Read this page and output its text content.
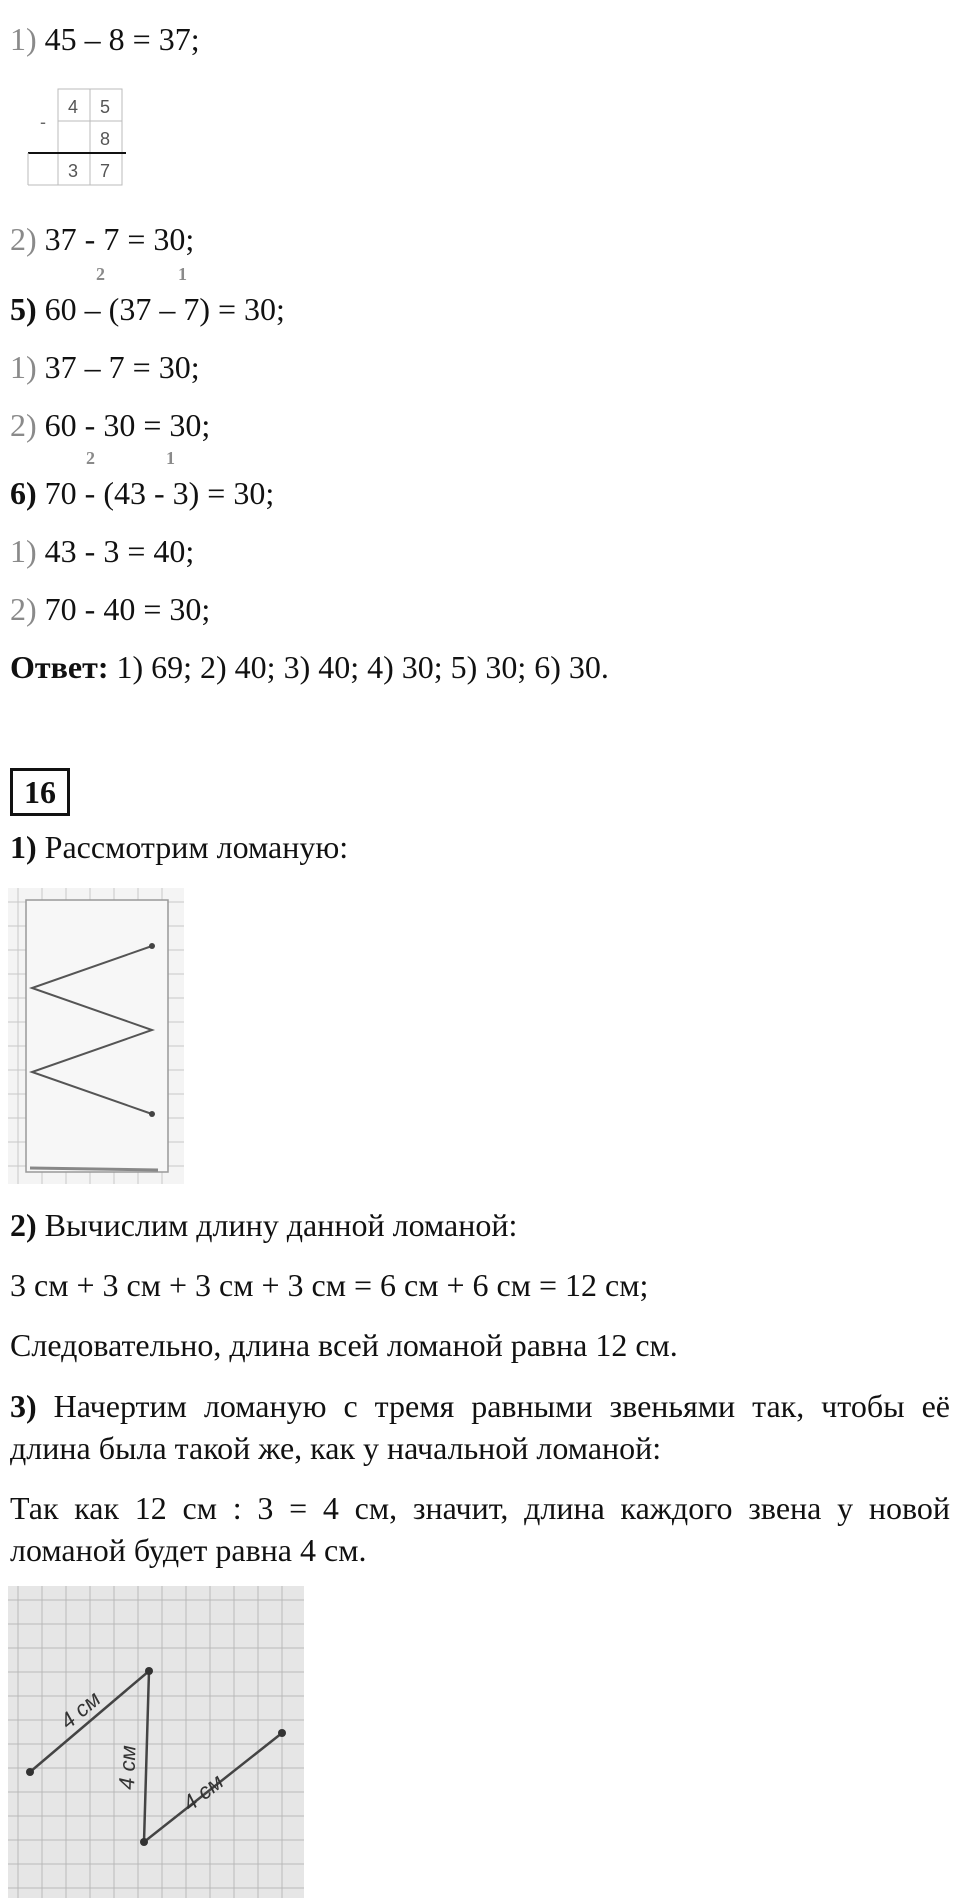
1) 45 – 8 = 37;
-
4 5
8
3 7
2) 37 - 7 = 30;
2	1
5) 60 – (37 – 7) = 30;
1) 37 – 7 = 30;
2) 60 - 30 = 30;
2	1
6) 70 - (43 - 3) = 30;
1) 43 - 3 = 40;
2) 70 - 40 = 30;
Ответ: 1) 69; 2) 40; 3) 40; 4) 30; 5) 30; 6) 30.
16
1) Рассмотрим ломаную:
2) Вычислим длину данной ломаной:
3 см + 3 см + 3 см + 3 см = 6 см + 6 см = 12 см;
Следовательно, длина всей ломаной равна 12 см.
3) Начертим ломаную с тремя равными звеньями так, чтобы её длина была такой же, как у начальной ломаной:
Так как 12 см : 3 = 4 см, значит, длина каждого звена у новой ломаной будет равна 4 см.
4 см
4 см
4 см
